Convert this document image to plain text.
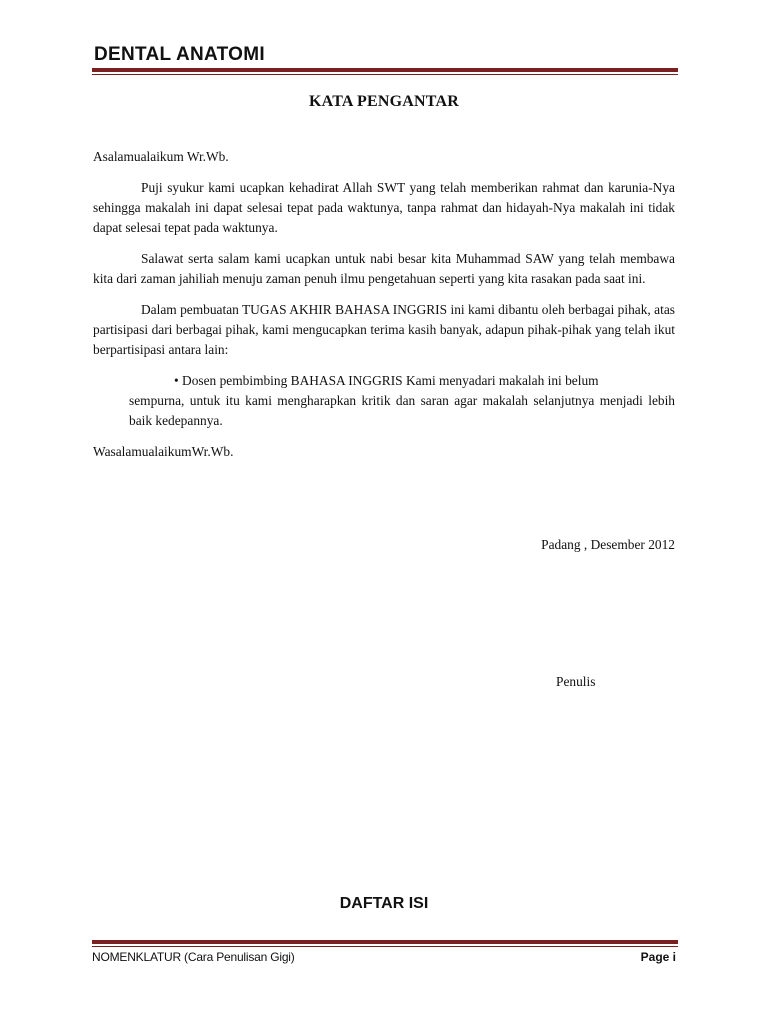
DENTAL ANATOMI
KATA PENGANTAR

Asalamualaikum Wr.Wb.

Puji syukur kami ucapkan kehadirat Allah SWT yang telah memberikan rahmat dan karunia-Nya sehingga makalah ini dapat selesai tepat pada waktunya, tanpa rahmat dan hidayah-Nya makalah ini tidak dapat selesai tepat pada waktunya.

Salawat serta salam kami ucapkan untuk nabi besar kita Muhammad SAW yang telah membawa kita dari zaman jahiliah menuju zaman penuh ilmu pengetahuan seperti yang kita rasakan pada saat ini.

Dalam pembuatan TUGAS AKHIR BAHASA INGGRIS ini kami dibantu oleh berbagai pihak, atas partisipasi dari berbagai pihak, kami mengucapkan terima kasih banyak, adapun pihak-pihak yang telah ikut berpartisipasi antara lain:

• Dosen pembimbing BAHASA INGGRIS Kami menyadari makalah ini belum
sempurna, untuk itu kami mengharapkan kritik dan saran agar makalah selanjutnya menjadi lebih baik kedepannya.

WasalamualaikumWr.Wb.

Padang , Desember 2012
Penulis
DAFTAR ISI
NOMENKLATUR (Cara Penulisan Gigi)	Page i
